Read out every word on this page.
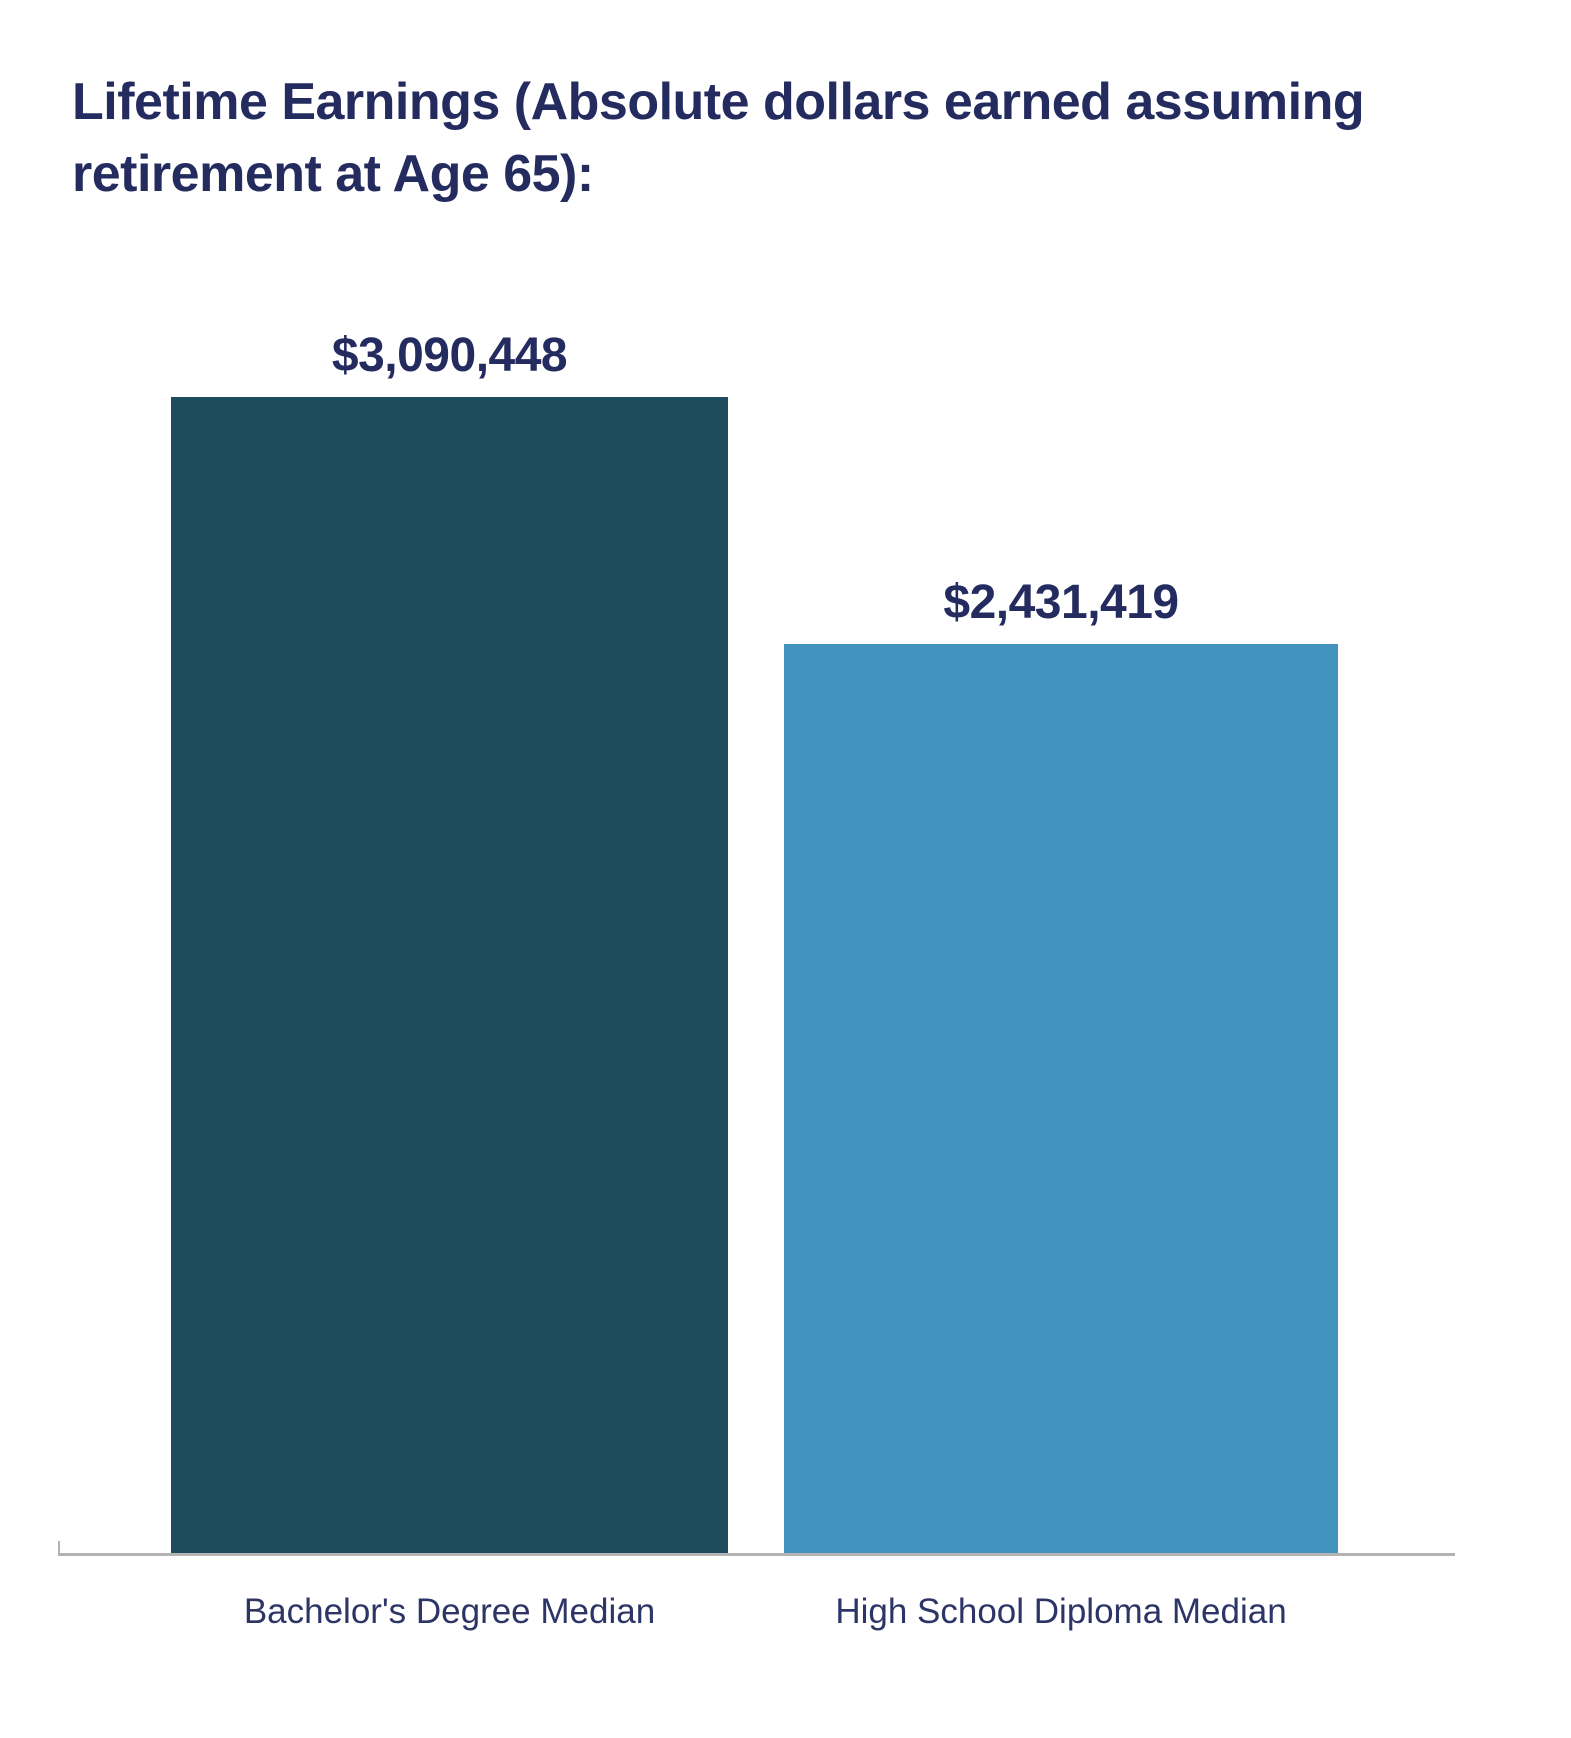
Lifetime Earnings (Absolute dollars earned assuming retirement at Age 65):
$3,090,448
$2,431,419
Bachelor's Degree Median	High School Diploma Median
